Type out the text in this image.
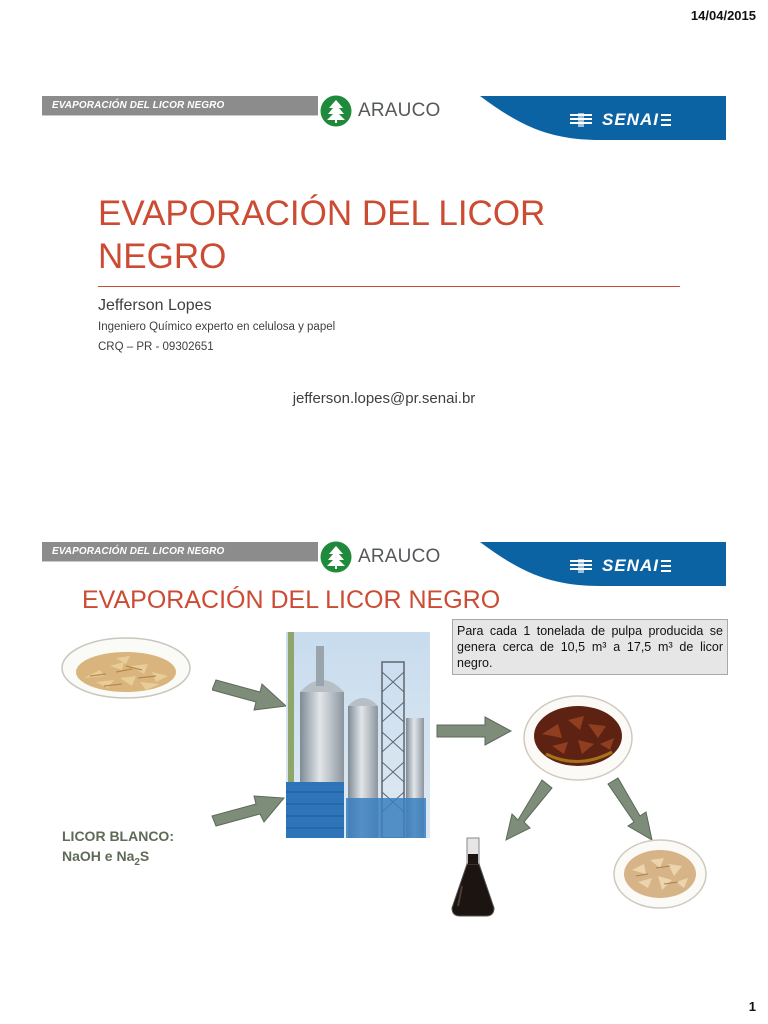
14/04/2015
EVAPORACIÓN DEL LICOR NEGRO	ARAUCO	SENAI
EVAPORACIÓN DEL LICOR NEGRO
Jefferson Lopes
Ingeniero Químico experto en celulosa y papel
CRQ – PR - 09302651
jefferson.lopes@pr.senai.br
EVAPORACIÓN DEL LICOR NEGRO	ARAUCO	SENAI
EVAPORACIÓN DEL LICOR NEGRO
Para cada 1 tonelada de pulpa producida se genera cerca de 10,5 m³ a 17,5 m³ de licor negro.
LICOR BLANCO:
NaOH e $Na_2S$
1
